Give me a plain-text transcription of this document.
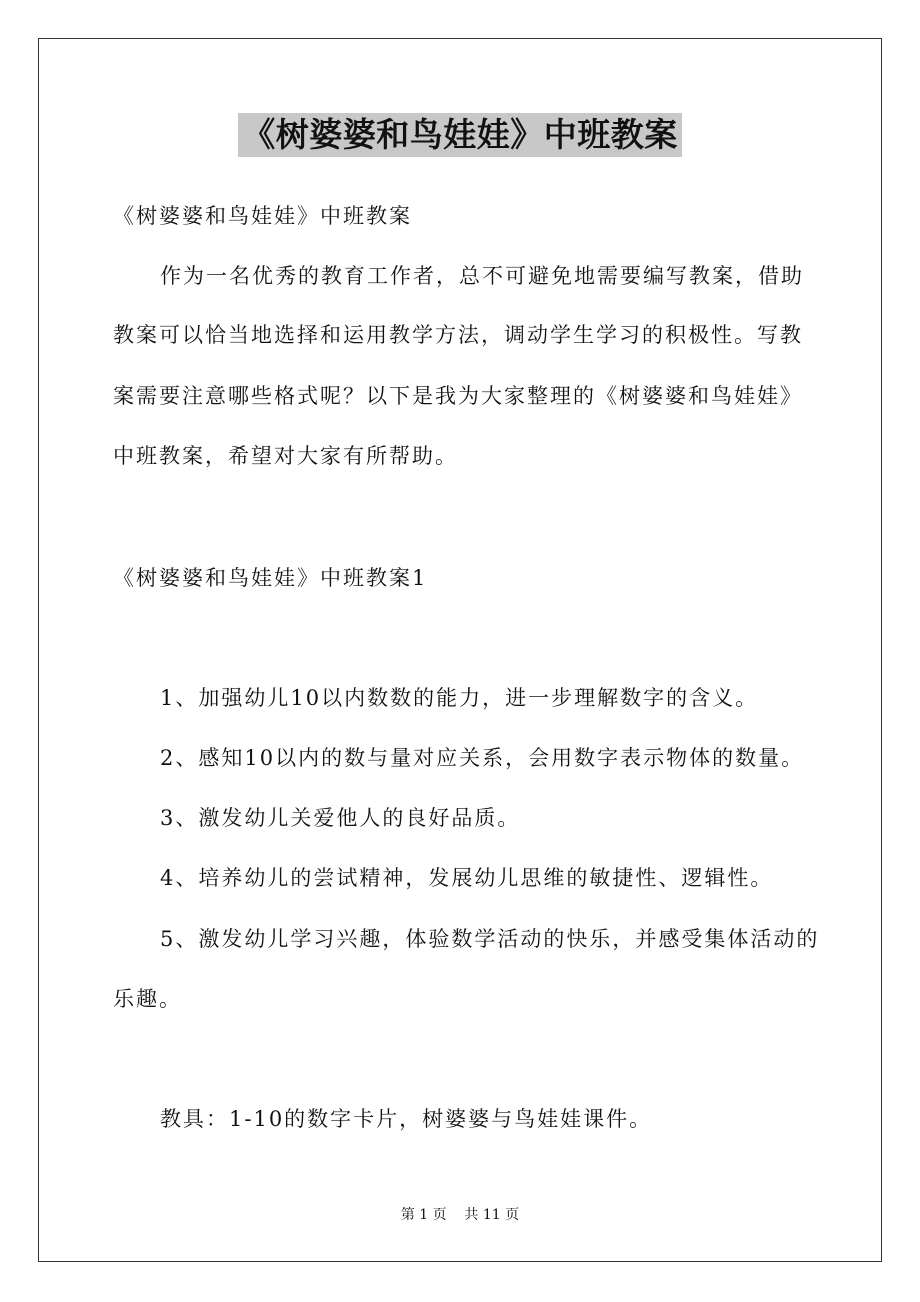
《树婆婆和鸟娃娃》中班教案
《树婆婆和鸟娃娃》中班教案
作为一名优秀的教育工作者，总不可避免地需要编写教案，借助
教案可以恰当地选择和运用教学方法，调动学生学习的积极性。写教
案需要注意哪些格式呢？以下是我为大家整理的《树婆婆和鸟娃娃》
中班教案，希望对大家有所帮助。
《树婆婆和鸟娃娃》中班教案1
1、加强幼儿10以内数数的能力，进一步理解数字的含义。
2、感知10以内的数与量对应关系，会用数字表示物体的数量。
3、激发幼儿关爱他人的良好品质。
4、培养幼儿的尝试精神，发展幼儿思维的敏捷性、逻辑性。
5、激发幼儿学习兴趣，体验数学活动的快乐，并感受集体活动的
乐趣。
教具：1-10的数字卡片，树婆婆与鸟娃娃课件。
第 1 页    共 11 页
